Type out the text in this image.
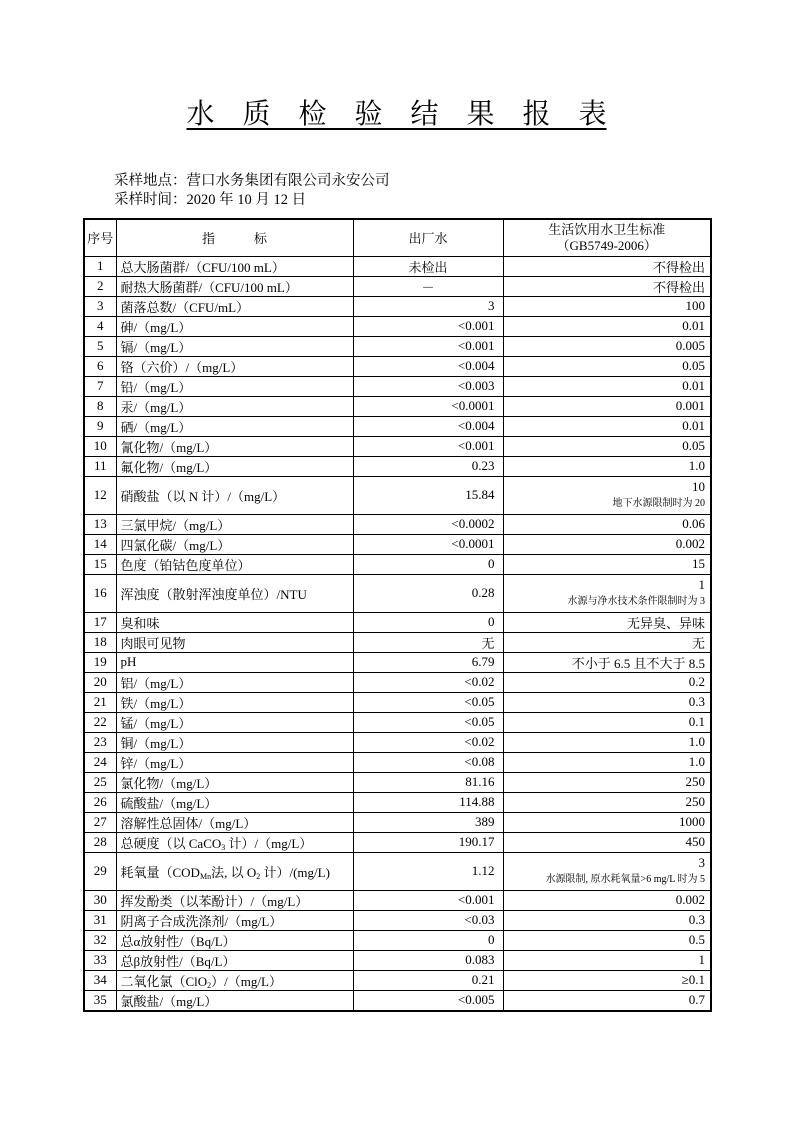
水　质　检　验　结　果　报　表
采样地点：营口水务集团有限公司永安公司
采样时间：2020 年 10 月 12 日
序号	指　　　标	出厂水	生活饮用水卫生标准
（GB5749-2006）

1	总大肠菌群/（CFU/100 mL）	未检出	不得检出
2	耐热大肠菌群/（CFU/100 mL）	－	不得检出
3	菌落总数/（CFU/mL）	3	100
4	砷/（mg/L）	<0.001	0.01
5	镉/（mg/L）	<0.001	0.005
6	铬（六价）/（mg/L）	<0.004	0.05
7	铅/（mg/L）	<0.003	0.01
8	汞/（mg/L）	<0.0001	0.001
9	硒/（mg/L）	<0.004	0.01
10	氰化物/（mg/L）	<0.001	0.05
11	氟化物/（mg/L）	0.23	1.0
12	硝酸盐（以 N 计）/（mg/L）	15.84	10
地下水源限制时为 20

13	三氯甲烷/（mg/L）	<0.0002	0.06
14	四氯化碳/（mg/L）	<0.0001	0.002
15	色度（铂钴色度单位）	0	15
16	浑浊度（散射浑浊度单位）/NTU	0.28	1
水源与净水技术条件限制时为 3

17	臭和味	0	无异臭、异味
18	肉眼可见物	无	无
19	pH	6.79	不小于 6.5 且不大于 8.5
20	铝/（mg/L）	<0.02	0.2
21	铁/（mg/L）	<0.05	0.3
22	锰/（mg/L）	<0.05	0.1
23	铜/（mg/L）	<0.02	1.0
24	锌/（mg/L）	<0.08	1.0
25	氯化物/（mg/L）	81.16	250
26	硫酸盐/（mg/L）	114.88	250
27	溶解性总固体/（mg/L）	389	1000
28	总硬度（以 CaCO$_3$ 计）/（mg/L）	190.17	450
29	耗氧量（$COD_{Mn}$法, 以 $O_2$ 计）/(mg/L)	1.12	3
水源限制, 原水耗氧量>6 mg/L 时为 5

30	挥发酚类（以苯酚计）/（mg/L）	<0.001	0.002
31	阴离子合成洗涤剂/（mg/L）	<0.03	0.3
32	总α放射性/（Bq/L）	0	0.5
33	总β放射性/（Bq/L）	0.083	1
34	二氧化氯（ClO$_2$）/（mg/L）	0.21	≥0.1
35	氯酸盐/（mg/L）	<0.005	0.7
